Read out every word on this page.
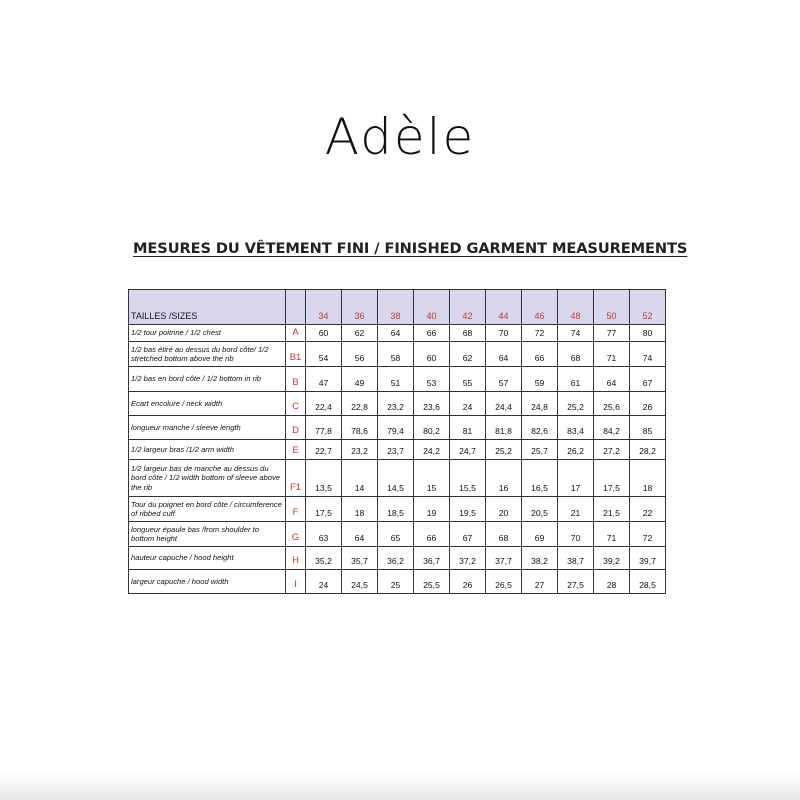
Adèle
MESURES DU VÊTEMENT FINI / FINISHED GARMENT MEASUREMENTS
TAILLES /SIZES		34	36	38	40	42	44	46	48	50	52
1/2 tour poitrine / 1/2 chest	A	60	62	64	66	68	70	72	74	77	80
1/2 bas étiré au dessus du bord côte/ 1/2 stretched bottom above the rib	B1	54	56	58	60	62	64	66	68	71	74
1/2 bas en bord côte / 1/2 bottom in rib	B	47	49	51	53	55	57	59	61	64	67
Ecart encolure / neck width	C	22,4	22,8	23,2	23,6	24	24,4	24,8	25,2	25,6	26
longueur manche / sleeve length	D	77,8	78,6	79,4	80,2	81	81,8	82,6	83,4	84,2	85
1/2 largeur bras /1/2 arm width	E	22,7	23,2	23,7	24,2	24,7	25,2	25,7	26,2	27,2	28,2
1/2 largeur bas de manche au dessus du bord côte / 1/2 width bottom of sleeve above the rib	F1	13,5	14	14,5	15	15,5	16	16,5	17	17,5	18
Tour du poignet en bord côte / circumference of ribbed cuff	F	17,5	18	18,5	19	19,5	20	20,5	21	21,5	22
longueur épaule bas /from shoulder to bottom height	G	63	64	65	66	67	68	69	70	71	72
hauteur capuche / hood height	H	35,2	35,7	36,2	36,7	37,2	37,7	38,2	38,7	39,2	39,7
largeur capuche / hood width	I	24	24,5	25	25,5	26	26,5	27	27,5	28	28,5
